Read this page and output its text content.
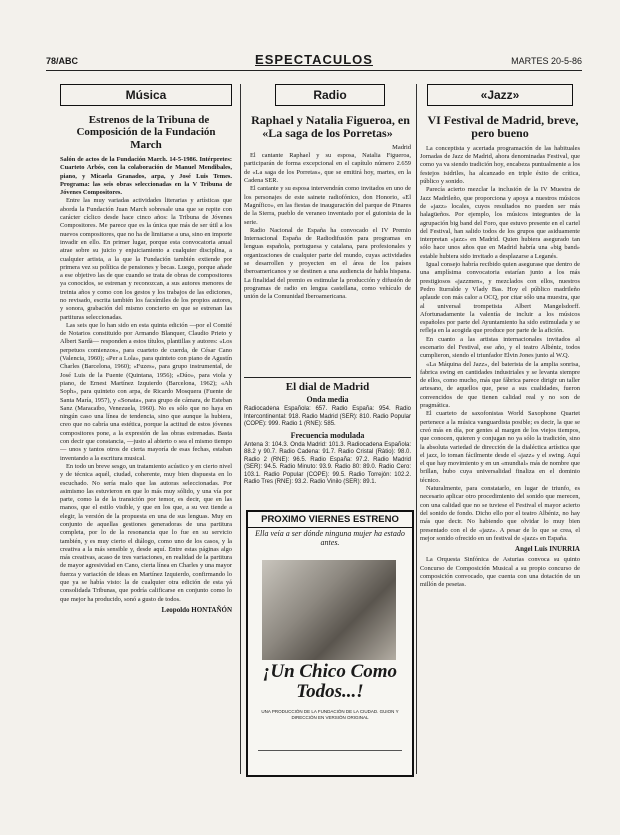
78/ABC	ESPECTACULOS	MARTES 20-5-86
Música	Radio	«Jazz»

Estrenos de la Tribuna de Composición de la Fundación March

Salón de actos de la Fundación March. 14-5-1986. Intérpretes: Cuarteto Arbós, con la colaboración de Manuel Mendibales, piano, y Micaela Granados, arpa, y José Luis Temes. Programa: las seis obras seleccionadas en la V Tribuna de Jóvenes Compositores.

Entre las muy variadas actividades literarias y artísticas que aborda la Fundación Juan March sobresale una que se repite con carácter cíclico desde hace cinco años: la Tribuna de Jóvenes Compositores. Me parece que es la única que más de ser útil a los nuevos compositores, que no ha de limitarse a una, sino en importe invadir en ello. En primer lugar, porque esta convocatoria anual atrae sobre su juicio y enjuiciamiento a cualquier disciplina, a cualquier artista, a la que la Fundación también extiende por primera vez su política de pensiones y becas. Luego, porque añade a ese objetivo las de que cuando se trata de obras de compositores ya conocidos, se estrenan y reconozcan, a sus autores menores de treinta años y como con los gestos y los trabajos de las ediciones, no revisado, escrita también los facsímiles de los propios autores, y sonora, grabación del mismo concierto en que se estrenan las partituras seleccionadas.

Las seis que lo han sido en esta quinta edición —por el Comité de Notarios constituido por Armando Blanquer, Claudio Prieto y Albert Sardà— responden a estos títulos, plantillas y autores: «Los perpetuos comienzos», para cuarteto de cuerda, de César Cano (Valencia, 1960); «Per a Lola», para quinteto con piano de Agustín Charles (Barcelona, 1960); «Fuzes», para grupo instrumental, de José Luis de la Fuente (Quintana, 1956); «Dúo», para viola y piano, de Ernest Martínez Izquierdo (Barcelona, 1962); «Ah Soph», para quinteto con arpa, de Ricardo Mosquera (Fuente de Santa María, 1957), y «Sonata», para grupo de cámara, de Esteban Sanz (Maracaibo, Venezuela, 1960). No es sólo que no haya en ningún caso una línea de tendencia, sino que aunque la hubiera, creo que no cabría una estética, porque la actitud de estos jóvenes compositores pone, a la expresión de las obras estrenadas. Basta con decir que constancia, —justo al abierto o sea el mismo tiempo— unos y tantos otros de cierta mayoría de esas fechas, estaban inventando a la escritura musical.

En todo un breve sesgo, un tratamiento acústico y en cierto nivel y de técnica aquél, ciudad, coherente, muy bien dispuesta en lo escuchado. No sería malo que las autoras seleccionadas. Por asimismo las estuvieron en que lo más muy sólido, y una vía por parte, como la de la transición por temor, es decir, que en las manos, que el estilo visible, y que en los que, a su vez tiende a elegir, la versión de la propuesta en una de sus lenguas. Muy en conjunto de aquellas gestiones generadoras de una partitura completa, por lo de la resonancia que lo fue en su servicio también, y es muy cierto el diálogo, como uno de los casos, y la creativa a la más sensible y, desde aquí. Entre estas páginas algo más creativas, acaso de tres variaciones, en realidad de la partitura de mayor agresividad en Cano, cierta línea en Charles y una mayor fuerza y variación de ideas en Martínez Izquierdo, confirmando lo que ya se había visto: la de cualquier otra edición de esta yá consolidada Tribunas, que podría calificarse en conjunto como lo que mejor ha producido, sonó a gusto de todos.

Leopoldo HONTAÑÓN

Raphael y Natalia Figueroa, en «La saga de los Porretas»

Madrid

El cantante Raphael y su esposa, Natalia Figueroa, participarán de forma excepcional en el capítulo número 2.659 de «La saga de los Porretas», que se emitirá hoy, martes, en la Cadena SER.

El cantante y su esposa intervendrán como invitados en uno de los personajes de este sainete radiofónico, don Honorio, «El Magnífico», en las fiestas de inauguración del parque de Pinares de la Sierra, pueblo de veraneo inventado por el guionista de la serie.

Radio Nacional de España ha convocado el IV Premio Internacional España de Radiodifusión para programas en lenguas española, portuguesa y catalana, para profesionales y organizaciones de cualquier parte del mundo, cuyas actividades se desarrollen y proyecten en el área de los países iberoamericanos y se destinen a una audiencia de habla hispana. La finalidad del premio es estimular la producción y difusión de programas de radio en lengua castellana, como vehículo de unión de la Comunidad Iberoamericana.

El dial de Madrid
Onda media
Radiocadena Española: 657. Radio España: 954. Radio Intercontinental: 918. Radio Madrid (SER): 810. Radio Popular (COPE): 999. Radio 1 (RNE): 585.
Frecuencia modulada
Antena 3: 104.3. Onda Madrid: 101.3. Radiocadena Española: 88.2 y 90.7. Radio Cadena: 91.7. Radio Cristal (Ràtio): 98.0. Radio 2 (RNE): 96.5. Radio España: 97.2. Radio Madrid (SER): 94.5. Radio Minuto: 93.9. Radio 80: 89.0. Radio Cero: 103.1. Radio Popular (COPE): 99.5. Radio Torrejón: 102.2. Radio Tres (RNE): 93.2. Radio Vinilo (SER): 89.1.
PROXIMO VIERNES ESTRENO
Ella veía a ser dónde ninguna mujer ha estado antes.
¡Un Chico Como Todos...!
UNA PRODUCCIÓN DE LA FUNDACIÓN DE LA CIUDAD. GUION Y DIRECCIÓN EN VERSIÓN ORIGINAL

VI Festival de Madrid, breve, pero bueno

La conceptista y acertada programación de las habituales Jornadas de Jazz de Madrid, ahora denominadas Festival, que como ya va siendo tradición hoy, encabeza puntualmente a los festejos isidriles, ha alcanzado en triple éxito de crítica, público y sonido.

Parecía acierto mezclar la inclusión de la IV Muestra de Jazz Madrileño, que proporciona y apoya a nuestros músicos de «jazz» locales, cuyos resultados no pueden ser más halagüeños. Por ejemplo, los músicos integrantes de la agrupación big band del Foro, que estuvo presente en el cartel del Festival, han salido todos de los grupos que asiduamente interpretan «jazz» en Madrid. Quien hubiera asegurado tan sólo hace unos años que en Madrid habría una «big band» estable hubiera sido invitado a desplazarse a Leganés.

Igual consejo habría recibido quien asegurase que dentro de una amplísima convocatoria estarían junto a los más prestigiosos «jazzmen», y mezclados con ellos, nuestros Pedro Iturralde y Vlady Bas. Hoy el público madrileño aplaude con más calor a OCQ, por citar sólo una muestra, que al universal trompetista Albert Mangelsdorff. Afortunadamente la valentía de incluir a los músicos españoles por parte del Ayuntamiento ha sido estimulada y se refleja en la acogida que produce por parte de la afición.

En cuanto a las artistas internacionales invitados al escenario del Festival, ese año, y el teatro Albéniz, todos cumplieron, siendo el triunfador Elvin Jones junto al W.Q.

«La Máquina del Jazz», del baterista de la amplia sonrisa, fabrica swing en cantidades industriales y se levanta siempre de ellos, como mucho, más que fábrica parece dirigir un taller artesano, de aquellos que, pese a sus cualidades, fueron convencidos de que tienen calidad real y no son de pragmática.

El cuarteto de saxofonistas World Saxophone Quartet pertenece a la música vanguardista posible; es decir, la que se creó más en día, por gentes al margen de los viejos tiempos, que conocen, quieren y conjugan no ya sólo la tradición, sino la absoluta variedad de dirección de la dialéctica artística que el jazz, lo toman fácilmente desde el «jazz» y el swing. Aquí el que hay movimiento y en un «mundial» más de nombre que brillan, hubo cuya universalidad finaliza en el dominio técnico.

Naturalmente, para constatarlo, en lugar de triunfo, es necesario aplicar otro procedimiento del sonido que merecen, con una calidad que no se tuviese el Festival el mayor acierto del sonido de fondo. Dicho ello por el teatro Albéniz, no hay más que decir. No habiendo que olvidar lo muy bien presentado con el de «jazz». A pesar de lo que se crea, el mejor sonido ofrecido en un festival de «jazz» en España.

Angel Luis INURRIA

La Orquesta Sinfónica de Asturias convoca su quinto Concurso de Composición Musical a su propio concurso de composición convocado, que cuenta con una dotación de un millón de pesetas.
